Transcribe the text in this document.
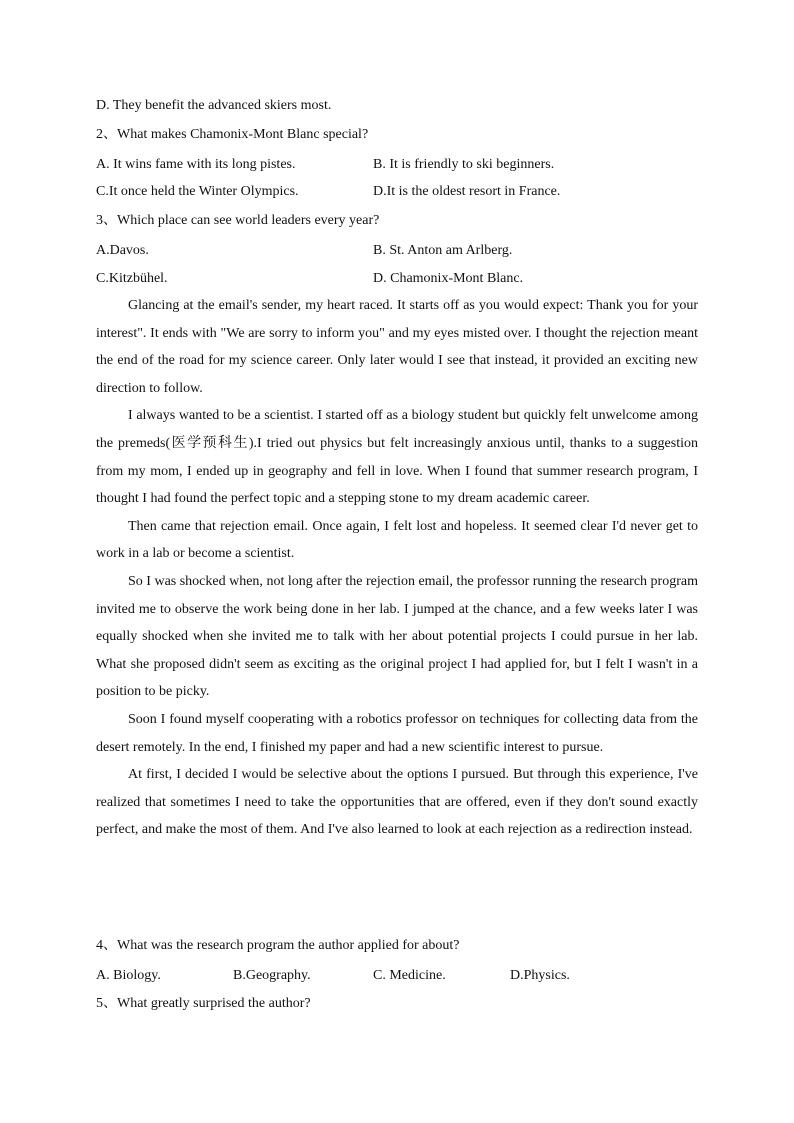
D. They benefit the advanced skiers most.
2、What makes Chamonix-Mont Blanc special?
A. It wins fame with its long pistes.	B. It is friendly to ski beginners.
C.It once held the Winter Olympics.	D.It is the oldest resort in France.
3、Which place can see world leaders every year?
A.Davos.	B. St. Anton am Arlberg.
C.Kitzbühel.	D. Chamonix-Mont Blanc.

Glancing at the email's sender, my heart raced. It starts off as you would expect: Thank you for your interest". It ends with "We are sorry to inform you" and my eyes misted over. I thought the rejection meant the end of the road for my science career. Only later would I see that instead, it provided an exciting new direction to follow.

I always wanted to be a scientist. I started off as a biology student but quickly felt unwelcome among the premeds(医学预科生).I tried out physics but felt increasingly anxious until, thanks to a suggestion from my mom, I ended up in geography and fell in love. When I found that summer research program, I thought I had found the perfect topic and a stepping stone to my dream academic career.

Then came that rejection email. Once again, I felt lost and hopeless. It seemed clear I'd never get to work in a lab or become a scientist.

So I was shocked when, not long after the rejection email, the professor running the research program invited me to observe the work being done in her lab. I jumped at the chance, and a few weeks later I was equally shocked when she invited me to talk with her about potential projects I could pursue in her lab. What she proposed didn't seem as exciting as the original project I had applied for, but I felt I wasn't in a position to be picky.

Soon I found myself cooperating with a robotics professor on techniques for collecting data from the desert remotely. In the end, I finished my paper and had a new scientific interest to pursue.

At first, I decided I would be selective about the options I pursued. But through this experience, I've realized that sometimes I need to take the opportunities that are offered, even if they don't sound exactly perfect, and make the most of them. And I've also learned to look at each rejection as a redirection instead.

4、What was the research program the author applied for about?
A. Biology.	B.Geography.	C. Medicine.	D.Physics.
5、What greatly surprised the author?
